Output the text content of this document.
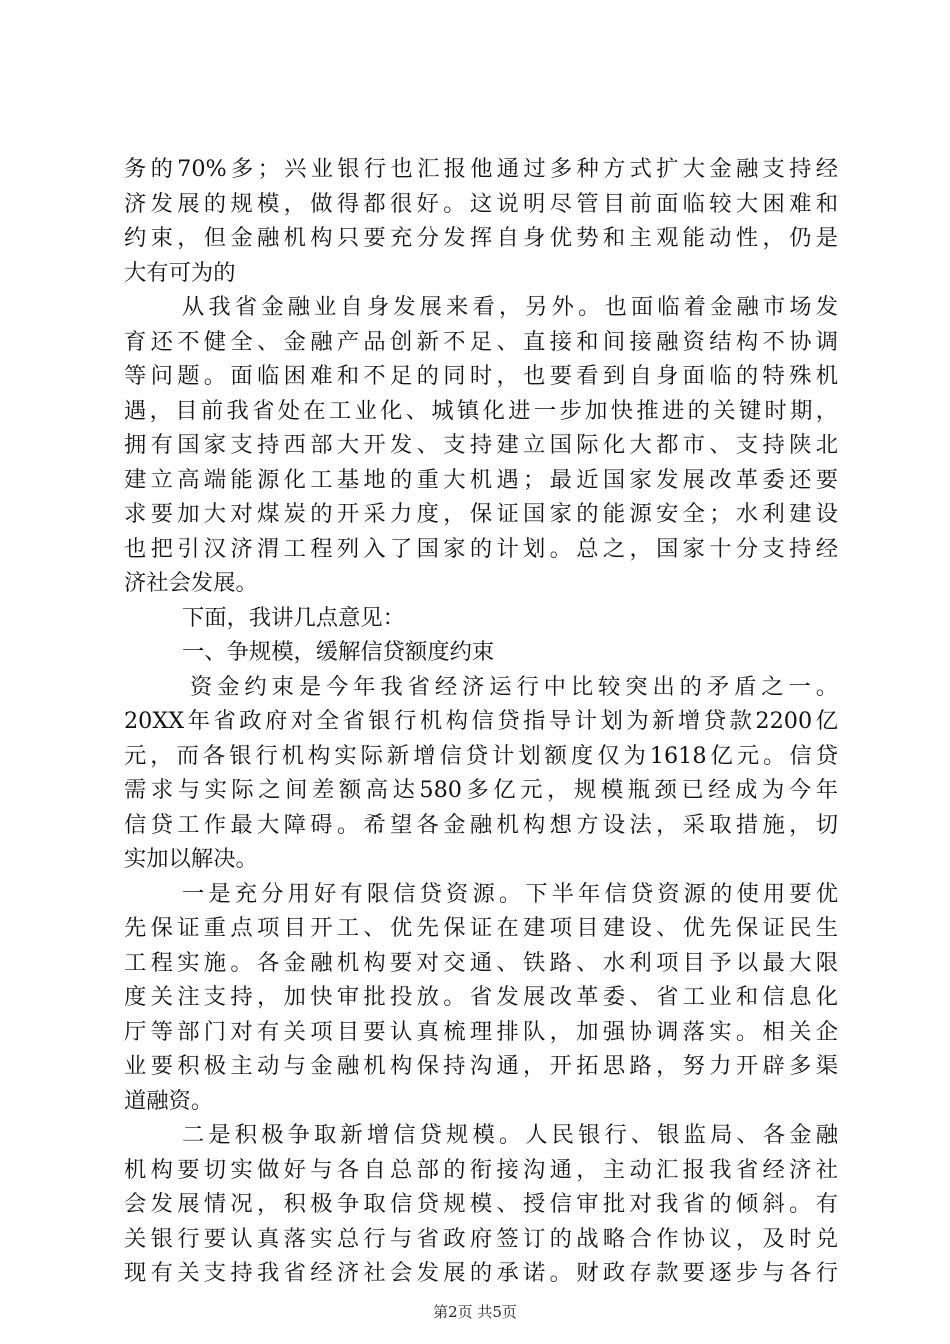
务的70%多；兴业银行也汇报他通过多种方式扩大金融支持经
济发展的规模，做得都很好。这说明尽管目前面临较大困难和
约束，但金融机构只要充分发挥自身优势和主观能动性，仍是
大有可为的
从我省金融业自身发展来看，另外。也面临着金融市场发
育还不健全、金融产品创新不足、直接和间接融资结构不协调
等问题。面临困难和不足的同时，也要看到自身面临的特殊机
遇，目前我省处在工业化、城镇化进一步加快推进的关键时期，
拥有国家支持西部大开发、支持建立国际化大都市、支持陕北
建立高端能源化工基地的重大机遇；最近国家发展改革委还要
求要加大对煤炭的开采力度，保证国家的能源安全；水利建设
也把引汉济渭工程列入了国家的计划。总之，国家十分支持经
济社会发展。
下面，我讲几点意见：
一、争规模，缓解信贷额度约束
资金约束是今年我省经济运行中比较突出的矛盾之一。
20XX年省政府对全省银行机构信贷指导计划为新增贷款2200亿
元，而各银行机构实际新增信贷计划额度仅为1618亿元。信贷
需求与实际之间差额高达580多亿元，规模瓶颈已经成为今年
信贷工作最大障碍。希望各金融机构想方设法，采取措施，切
实加以解决。
一是充分用好有限信贷资源。下半年信贷资源的使用要优
先保证重点项目开工、优先保证在建项目建设、优先保证民生
工程实施。各金融机构要对交通、铁路、水利项目予以最大限
度关注支持，加快审批投放。省发展改革委、省工业和信息化
厅等部门对有关项目要认真梳理排队，加强协调落实。相关企
业要积极主动与金融机构保持沟通，开拓思路，努力开辟多渠
道融资。
二是积极争取新增信贷规模。人民银行、银监局、各金融
机构要切实做好与各自总部的衔接沟通，主动汇报我省经济社
会发展情况，积极争取信贷规模、授信审批对我省的倾斜。有
关银行要认真落实总行与省政府签订的战略合作协议，及时兑
现有关支持我省经济社会发展的承诺。财政存款要逐步与各行
第2页 共5页
